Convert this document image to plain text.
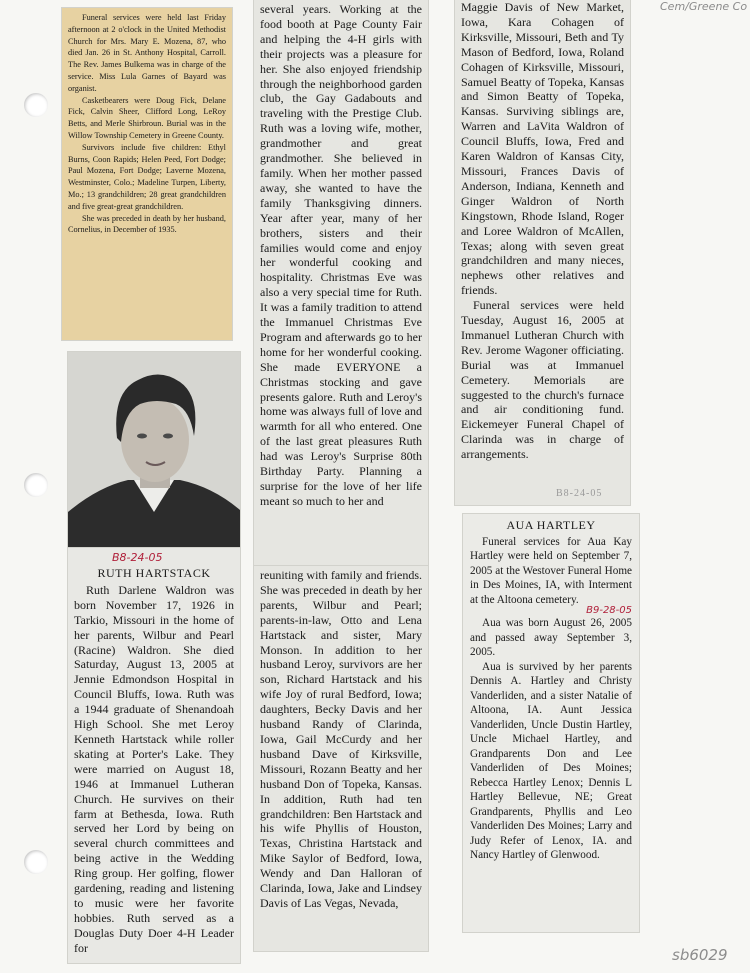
Cem/Greene Co

Funeral services were held last Friday afternoon at 2 o'clock in the United Methodist Church for Mrs. Mary E. Mozena, 87, who died Jan. 26 in St. Anthony Hospital, Carroll. The Rev. James Bulkema was in charge of the service. Miss Lula Garnes of Bayard was organist.

Casketbearers were Doug Fick, Delane Fick, Calvin Sheer, Clifford Long, LeRoy Betts, and Merle Shirbroun. Burial was in the Willow Township Cemetery in Greene County.

Survivors include five children: Ethyl Burns, Coon Rapids; Helen Peed, Fort Dodge; Paul Mozena, Fort Dodge; Laverne Mozena, Westminster, Colo.; Madeline Turpen, Liberty, Mo.; 13 grandchildren; 28 great grandchildren and five great-great grandchildren.

She was preceded in death by her husband, Cornelius, in December of 1935.

B8-24-05
RUTH HARTSTACK

Ruth Darlene Waldron was born November 17, 1926 in Tarkio, Missouri in the home of her parents, Wilbur and Pearl (Racine) Waldron. She died Saturday, August 13, 2005 at Jennie Edmondson Hospital in Council Bluffs, Iowa. Ruth was a 1944 graduate of Shenandoah High School. She met Leroy Kenneth Hartstack while roller skating at Porter's Lake. They were married on August 18, 1946 at Immanuel Lutheran Church. He survives on their farm at Bethesda, Iowa. Ruth served her Lord by being on several church committees and being active in the Wedding Ring group. Her golfing, flower gardening, reading and listening to music were her favorite hobbies. Ruth served as a Douglas Duty Doer 4-H Leader for

several years. Working at the food booth at Page County Fair and helping the 4-H girls with their projects was a pleasure for her. She also enjoyed friendship through the neighborhood garden club, the Gay Gadabouts and traveling with the Prestige Club. Ruth was a loving wife, mother, grandmother and great grandmother. She believed in family. When her mother passed away, she wanted to have the family Thanksgiving dinners. Year after year, many of her brothers, sisters and their families would come and enjoy her wonderful cooking and hospitality. Christmas Eve was also a very special time for Ruth. It was a family tradition to attend the Immanuel Christmas Eve Program and afterwards go to her home for her wonderful cooking. She made EVERYONE a Christmas stocking and gave presents galore. Ruth and Leroy's home was always full of love and warmth for all who entered. One of the last great pleasures Ruth had was Leroy's Surprise 80th Birthday Party. Planning a surprise for the love of her life meant so much to her and

reuniting with family and friends. She was preceded in death by her parents, Wilbur and Pearl; parents-in-law, Otto and Lena Hartstack and sister, Mary Monson. In addition to her husband Leroy, survivors are her son, Richard Hartstack and his wife Joy of rural Bedford, Iowa; daughters, Becky Davis and her husband Randy of Clarinda, Iowa, Gail McCurdy and her husband Dave of Kirksville, Missouri, Rozann Beatty and her husband Don of Topeka, Kansas. In addition, Ruth had ten grandchildren: Ben Hartstack and his wife Phyllis of Houston, Texas, Christina Hartstack and Mike Saylor of Bedford, Iowa, Wendy and Dan Halloran of Clarinda, Iowa, Jake and Lindsey Davis of Las Vegas, Nevada,

Maggie Davis of New Market, Iowa, Kara Cohagen of Kirksville, Missouri, Beth and Ty Mason of Bedford, Iowa, Roland Cohagen of Kirksville, Missouri, Samuel Beatty of Topeka, Kansas and Simon Beatty of Topeka, Kansas. Surviving siblings are, Warren and LaVita Waldron of Council Bluffs, Iowa, Fred and Karen Waldron of Kansas City, Missouri, Frances Davis of Anderson, Indiana, Kenneth and Ginger Waldron of North Kingstown, Rhode Island, Roger and Loree Waldron of McAllen, Texas; along with seven great grandchildren and many nieces, nephews other relatives and friends.

Funeral services were held Tuesday, August 16, 2005 at Immanuel Lutheran Church with Rev. Jerome Wagoner officiating. Burial was at Immanuel Cemetery. Memorials are suggested to the church's furnace and air conditioning fund. Eickemeyer Funeral Chapel of Clarinda was in charge of arrangements.

B8-24-05
AUA HARTLEY

Funeral services for Aua Kay Hartley were held on September 7, 2005 at the Westover Funeral Home in Des Moines, IA, with Interment at the Altoona cemetery.

B9-28-05

Aua was born August 26, 2005 and passed away September 3, 2005.

Aua is survived by her parents Dennis A. Hartley and Christy Vanderliden, and a sister Natalie of Altoona, IA. Aunt Jessica Vanderliden, Uncle Dustin Hartley, Uncle Michael Hartley, and Grandparents Don and Lee Vanderliden of Des Moines; Rebecca Hartley Lenox; Dennis L Hartley Bellevue, NE; Great Grandparents, Phyllis and Leo Vanderliden Des Moines; Larry and Judy Refer of Lenox, IA. and Nancy Hartley of Glenwood.

sb6029
